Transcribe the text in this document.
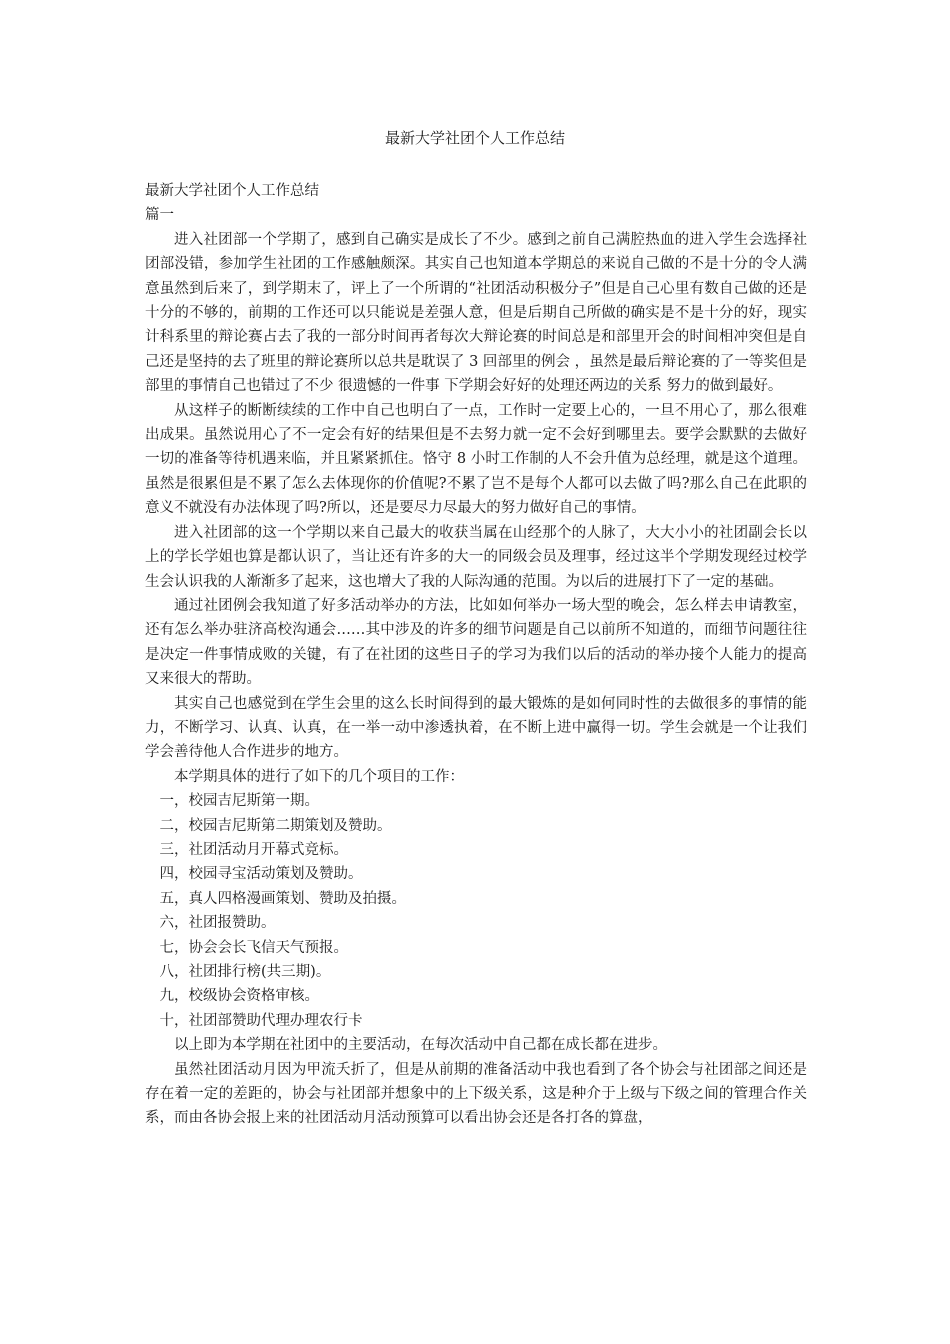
最新大学社团个人工作总结

最新大学社团个人工作总结

篇一

进入社团部一个学期了，感到自己确实是成长了不少。感到之前自己满腔热血的进入学生会选择社团部没错，参加学生社团的工作感触颇深。其实自己也知道本学期总的来说自己做的不是十分的令人满意虽然到后来了，到学期末了，评上了一个所谓的“社团活动积极分子”但是自己心里有数自己做的还是十分的不够的，前期的工作还可以只能说是差强人意，但是后期自己所做的确实是不是十分的好，现实计科系里的辩论赛占去了我的一部分时间再者每次大辩论赛的时间总是和部里开会的时间相冲突但是自己还是坚持的去了班里的辩论赛所以总共是耽误了 3 回部里的例会 ，虽然是最后辩论赛的了一等奖但是部里的事情自己也错过了不少 很遗憾的一件事 下学期会好好的处理还两边的关系 努力的做到最好。

从这样子的断断续续的工作中自己也明白了一点，工作时一定要上心的，一旦不用心了，那么很难出成果。虽然说用心了不一定会有好的结果但是不去努力就一定不会好到哪里去。要学会默默的去做好一切的准备等待机遇来临，并且紧紧抓住。恪守 8 小时工作制的人不会升值为总经理，就是这个道理。虽然是很累但是不累了怎么去体现你的价值呢?不累了岂不是每个人都可以去做了吗?那么自己在此职的意义不就没有办法体现了吗?所以，还是要尽力尽最大的努力做好自己的事情。

进入社团部的这一个学期以来自己最大的收获当属在山经那个的人脉了，大大小小的社团副会长以上的学长学姐也算是都认识了，当让还有许多的大一的同级会员及理事，经过这半个学期发现经过校学生会认识我的人渐渐多了起来，这也增大了我的人际沟通的范围。为以后的进展打下了一定的基础。

通过社团例会我知道了好多活动举办的方法，比如如何举办一场大型的晚会，怎么样去申请教室，还有怎么举办驻济高校沟通会……其中涉及的许多的细节问题是自己以前所不知道的，而细节问题往往是决定一件事情成败的关键，有了在社团的这些日子的学习为我们以后的活动的举办接个人能力的提高又来很大的帮助。

其实自己也感觉到在学生会里的这么长时间得到的最大锻炼的是如何同时性的去做很多的事情的能力，不断学习、认真、认真，在一举一动中渗透执着，在不断上进中赢得一切。学生会就是一个让我们学会善待他人合作进步的地方。

本学期具体的进行了如下的几个项目的工作：

一，校园吉尼斯第一期。

二，校园吉尼斯第二期策划及赞助。

三，社团活动月开幕式竞标。

四，校园寻宝活动策划及赞助。

五，真人四格漫画策划、赞助及拍摄。

六，社团报赞助。

七，协会会长飞信天气预报。

八，社团排行榜(共三期)。

九，校级协会资格审核。

十，社团部赞助代理办理农行卡

以上即为本学期在社团中的主要活动，在每次活动中自己都在成长都在进步。

虽然社团活动月因为甲流夭折了，但是从前期的准备活动中我也看到了各个协会与社团部之间还是存在着一定的差距的，协会与社团部并想象中的上下级关系，这是种介于上级与下级之间的管理合作关系，而由各协会报上来的社团活动月活动预算可以看出协会还是各打各的算盘，
